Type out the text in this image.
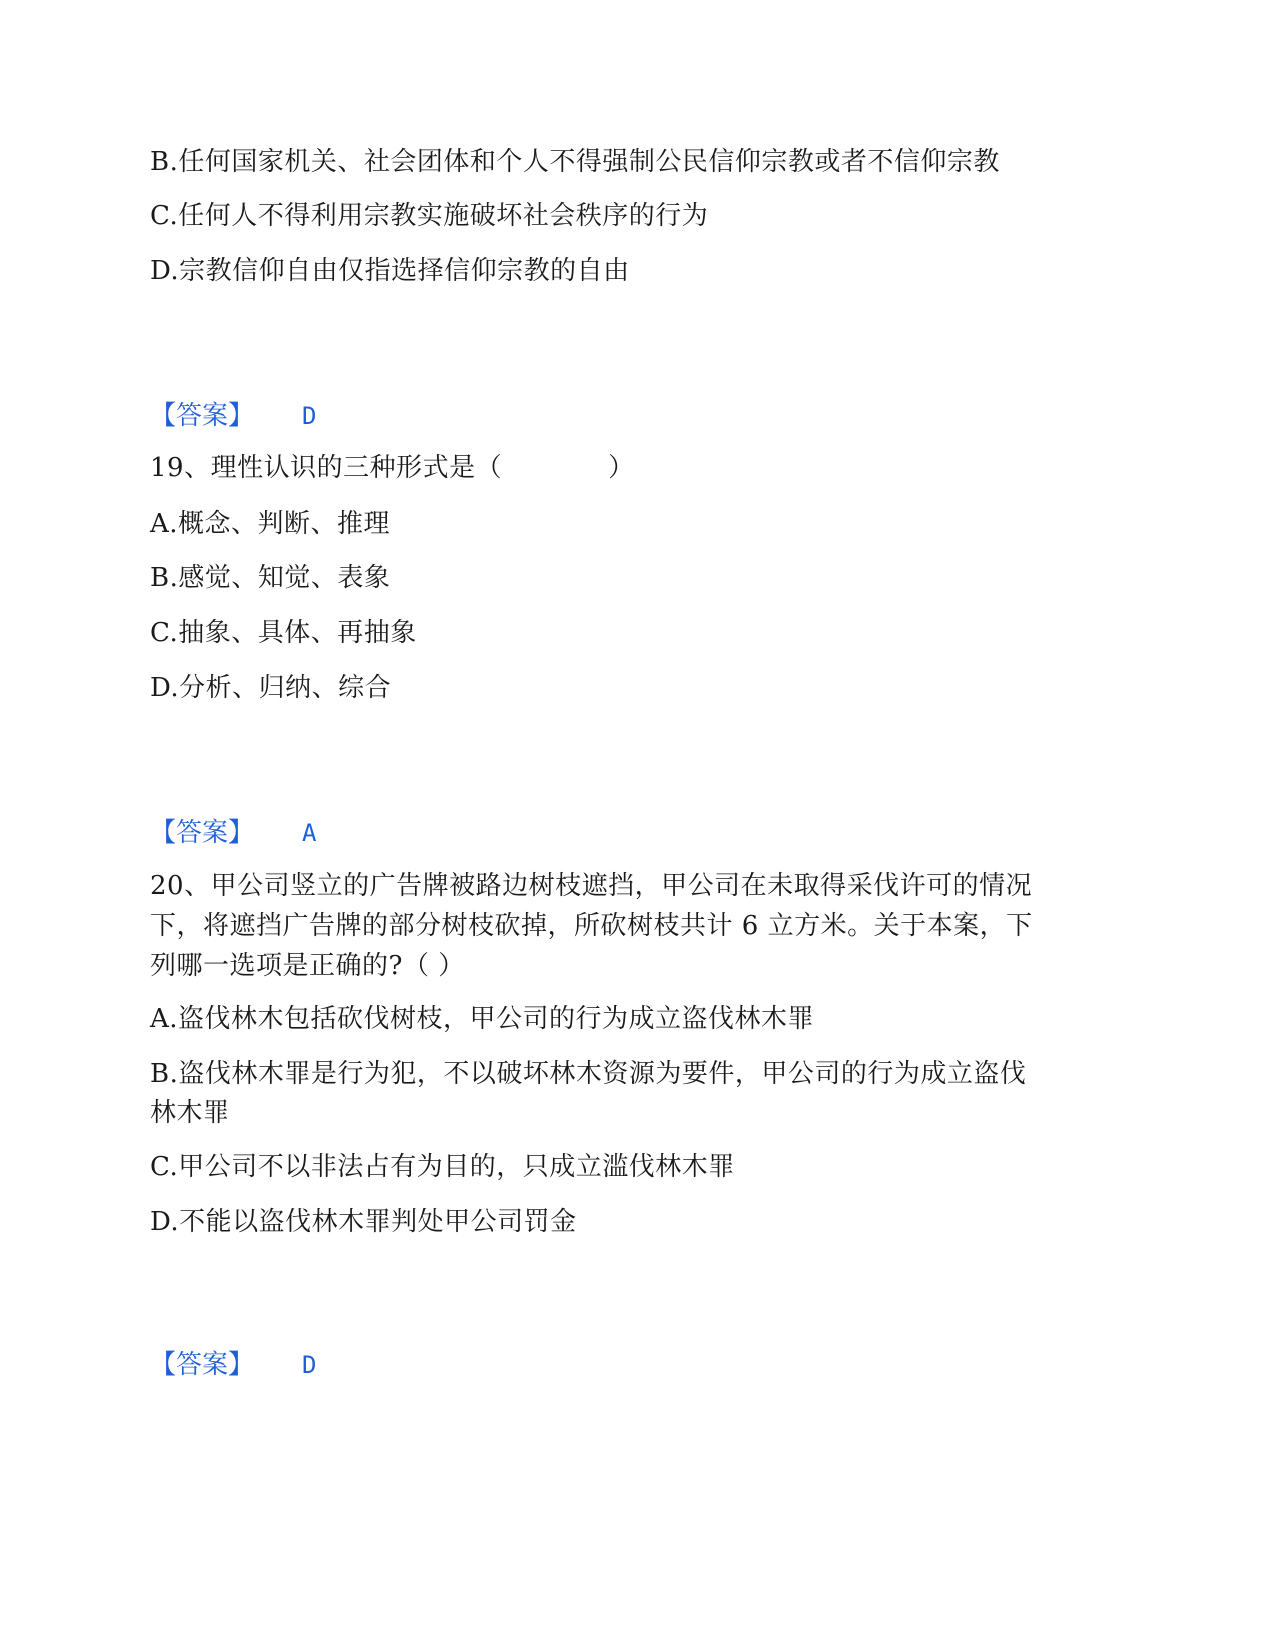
B.任何国家机关、社会团体和个人不得强制公民信仰宗教或者不信仰宗教
C.任何人不得利用宗教实施破坏社会秩序的行为
D.宗教信仰自由仅指选择信仰宗教的自由
【答案】 D
19、理性认识的三种形式是（　　　　）
A.概念、判断、推理
B.感觉、知觉、表象
C.抽象、具体、再抽象
D.分析、归纳、综合
【答案】 A
20、甲公司竖立的广告牌被路边树枝遮挡，甲公司在未取得采伐许可的情况
下，将遮挡广告牌的部分树枝砍掉，所砍树枝共计 6 立方米。关于本案，下
列哪一选项是正确的?（ ）
A.盗伐林木包括砍伐树枝，甲公司的行为成立盗伐林木罪
B.盗伐林木罪是行为犯，不以破坏林木资源为要件，甲公司的行为成立盗伐
林木罪
C.甲公司不以非法占有为目的，只成立滥伐林木罪
D.不能以盗伐林木罪判处甲公司罚金
【答案】 D
